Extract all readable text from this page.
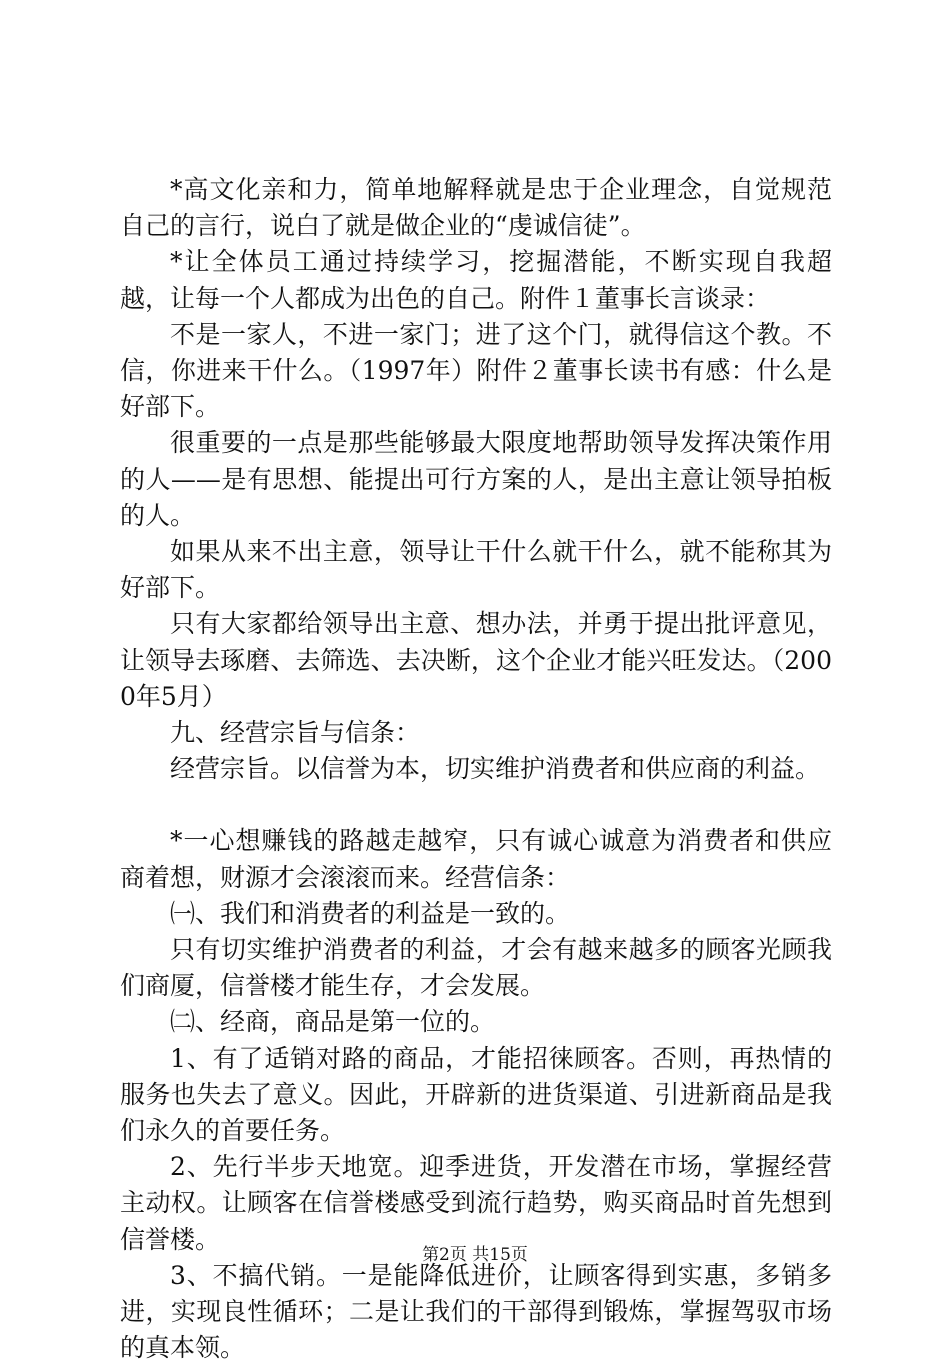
*高文化亲和力，简单地解释就是忠于企业理念，自觉规范自己的言行，说白了就是做企业的“虔诚信徒”。

*让全体员工通过持续学习，挖掘潜能，不断实现自我超越，让每一个人都成为出色的自己。附件１董事长言谈录：

不是一家人，不进一家门；进了这个门，就得信这个教。不信，你进来干什么。（1997年）附件２董事长读书有感：什么是好部下。

很重要的一点是那些能够最大限度地帮助领导发挥决策作用的人——是有思想、能提出可行方案的人，是出主意让领导拍板的人。

如果从来不出主意，领导让干什么就干什么，就不能称其为好部下。

只有大家都给领导出主意、想办法，并勇于提出批评意见，让领导去琢磨、去筛选、去决断，这个企业才能兴旺发达。（2000年5月）

九、经营宗旨与信条：

经营宗旨。以信誉为本，切实维护消费者和供应商的利益。

*一心想赚钱的路越走越窄，只有诚心诚意为消费者和供应商着想，财源才会滚滚而来。经营信条：

㈠、我们和消费者的利益是一致的。

只有切实维护消费者的利益，才会有越来越多的顾客光顾我们商厦，信誉楼才能生存，才会发展。

㈡、经商，商品是第一位的。

1、有了适销对路的商品，才能招徕顾客。否则，再热情的服务也失去了意义。因此，开辟新的进货渠道、引进新商品是我们永久的首要任务。

2、先行半步天地宽。迎季进货，开发潜在市场，掌握经营主动权。让顾客在信誉楼感受到流行趋势，购买商品时首先想到信誉楼。

3、不搞代销。一是能降低进价，让顾客得到实惠，多销多进，实现良性循环；二是让我们的干部得到锻炼，掌握驾驭市场的真本领。

第2页 共15页
